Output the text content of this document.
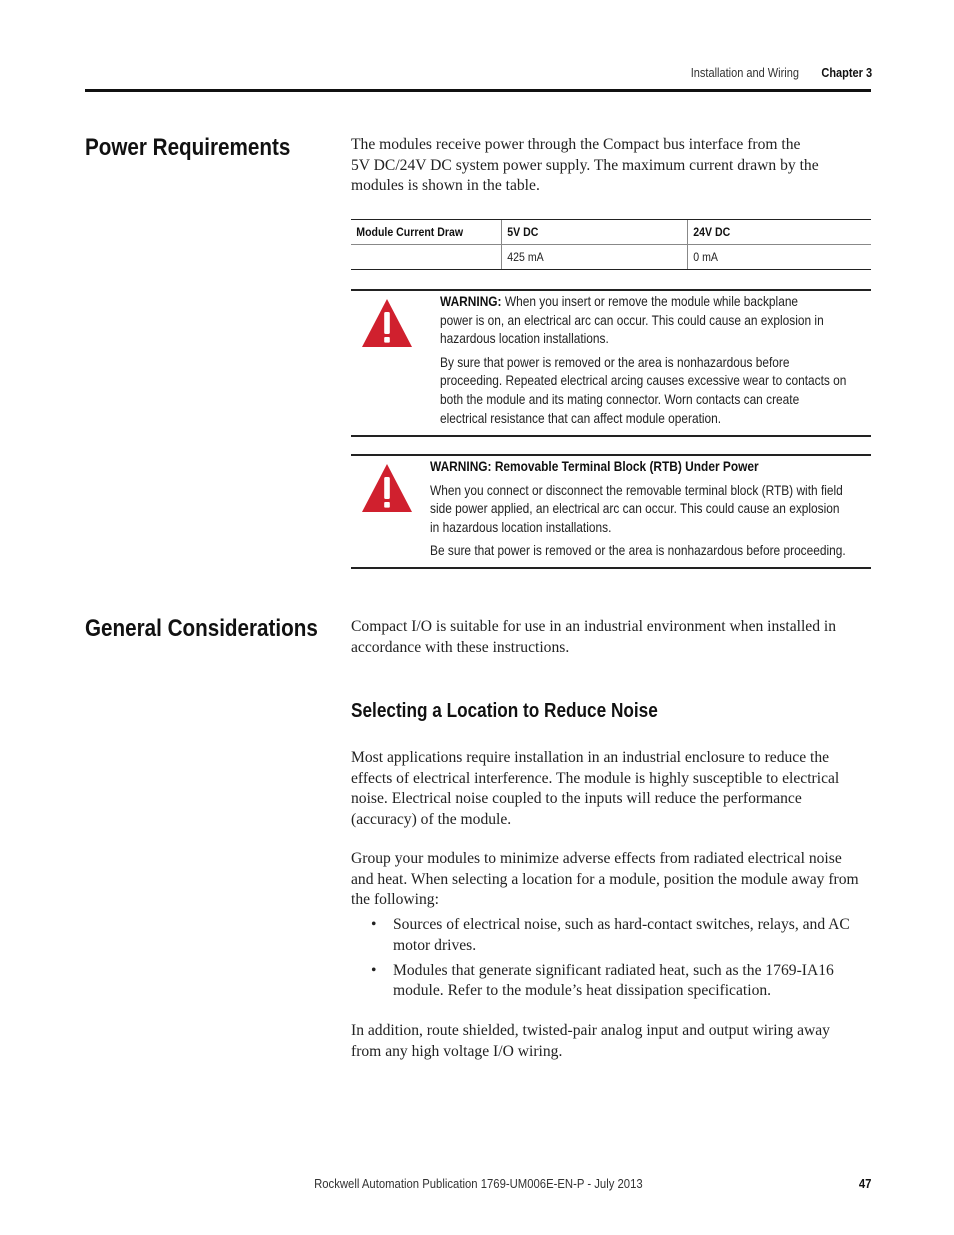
Installation and Wiring Chapter 3
Power Requirements	The modules receive power through the Compact bus interface from the
5V DC/24V DC system power supply. The maximum current drawn by the
modules is shown in the table.

Module Current Draw	5V DC	24V DC
	425 mA	0 mA

WARNING: When you insert or remove the module while backplane
power is on, an electrical arc can occur. This could cause an explosion in
hazardous location installations.

By sure that power is removed or the area is nonhazardous before
proceeding. Repeated electrical arcing causes excessive wear to contacts on
both the module and its mating connector. Worn contacts can create
electrical resistance that can affect module operation.

WARNING: Removable Terminal Block (RTB) Under Power

When you connect or disconnect the removable terminal block (RTB) with field
side power applied, an electrical arc can occur. This could cause an explosion
in hazardous location installations.

Be sure that power is removed or the area is nonhazardous before proceeding.

General Considerations Compact I/O is suitable for use in an industrial environment when installed in
accordance with these instructions.

Selecting a Location to Reduce Noise

Most applications require installation in an industrial enclosure to reduce the
effects of electrical interference. The module is highly susceptible to electrical
noise. Electrical noise coupled to the inputs will reduce the performance
(accuracy) of the module.

Group your modules to minimize adverse effects from radiated electrical noise
and heat. When selecting a location for a module, position the module away from
the following:

• Sources of electrical noise, such as hard-contact switches, relays, and AC
motor drives.
• Modules that generate significant radiated heat, such as the 1769-IA16
module. Refer to the module’s heat dissipation specification.

In addition, route shielded, twisted-pair analog input and output wiring away
from any high voltage I/O wiring.

Rockwell Automation Publication 1769-UM006E-EN-P - July 2013	47
